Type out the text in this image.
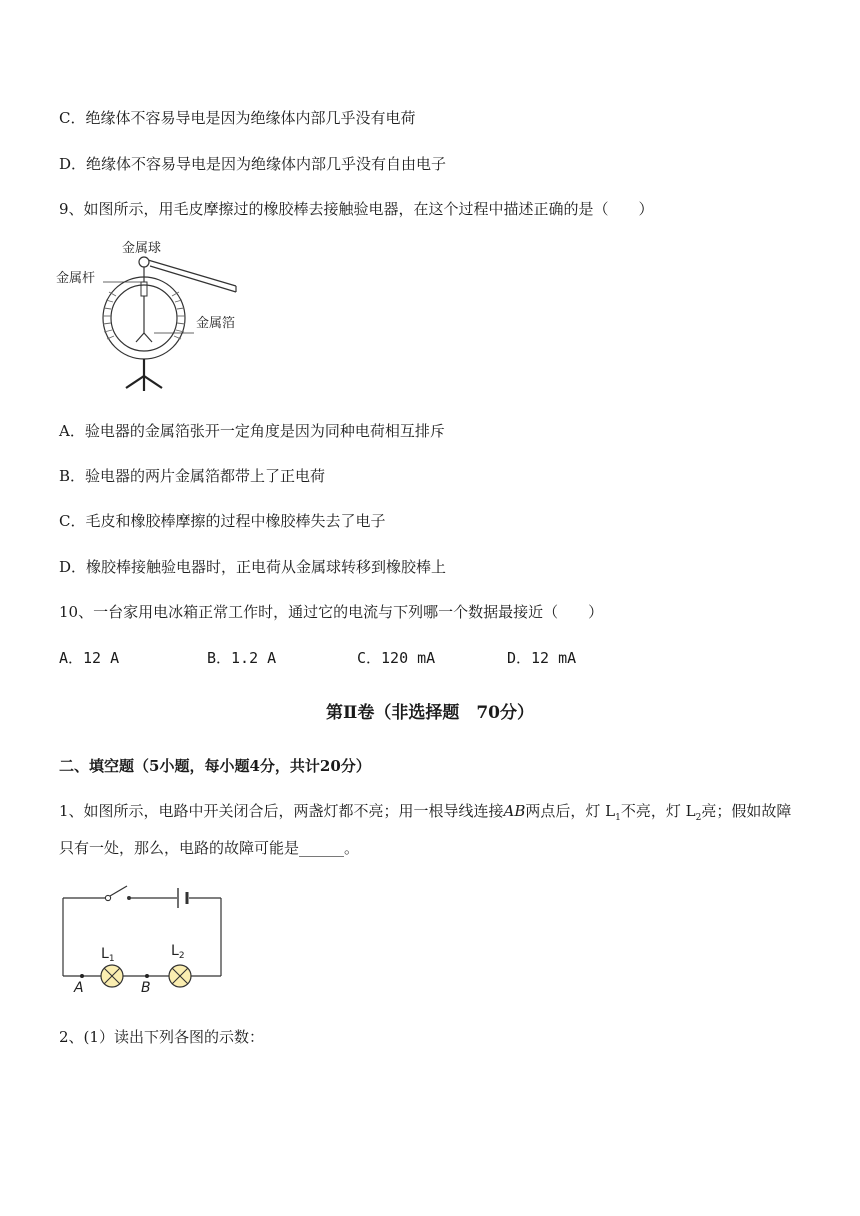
C．绝缘体不容易导电是因为绝缘体内部几乎没有电荷
D．绝缘体不容易导电是因为绝缘体内部几乎没有自由电子
9、如图所示，用毛皮摩擦过的橡胶棒去接触验电器，在这个过程中描述正确的是（　　）
金属球
金属杆
金属箔
A．验电器的金属箔张开一定角度是因为同种电荷相互排斥
B．验电器的两片金属箔都带上了正电荷
C．毛皮和橡胶棒摩擦的过程中橡胶棒失去了电子
D．橡胶棒接触验电器时，正电荷从金属球转移到橡胶棒上
10、一台家用电冰箱正常工作时，通过它的电流与下列哪一个数据最接近（　　）
A．12 A	B．1.2 A	C．120 mA	D．12 mA
第Ⅱ卷（非选择题　70分）
二、填空题（5小题，每小题4分，共计20分）
1、如图所示，电路中开关闭合后，两盏灯都不亮；用一根导线连接AB两点后，灯 $L_1$不亮，灯 $L_2$亮；假如故障只有一处，那么，电路的故障可能是______。
$L_1$	$L_2$
A	B
2、(1）读出下列各图的示数：
